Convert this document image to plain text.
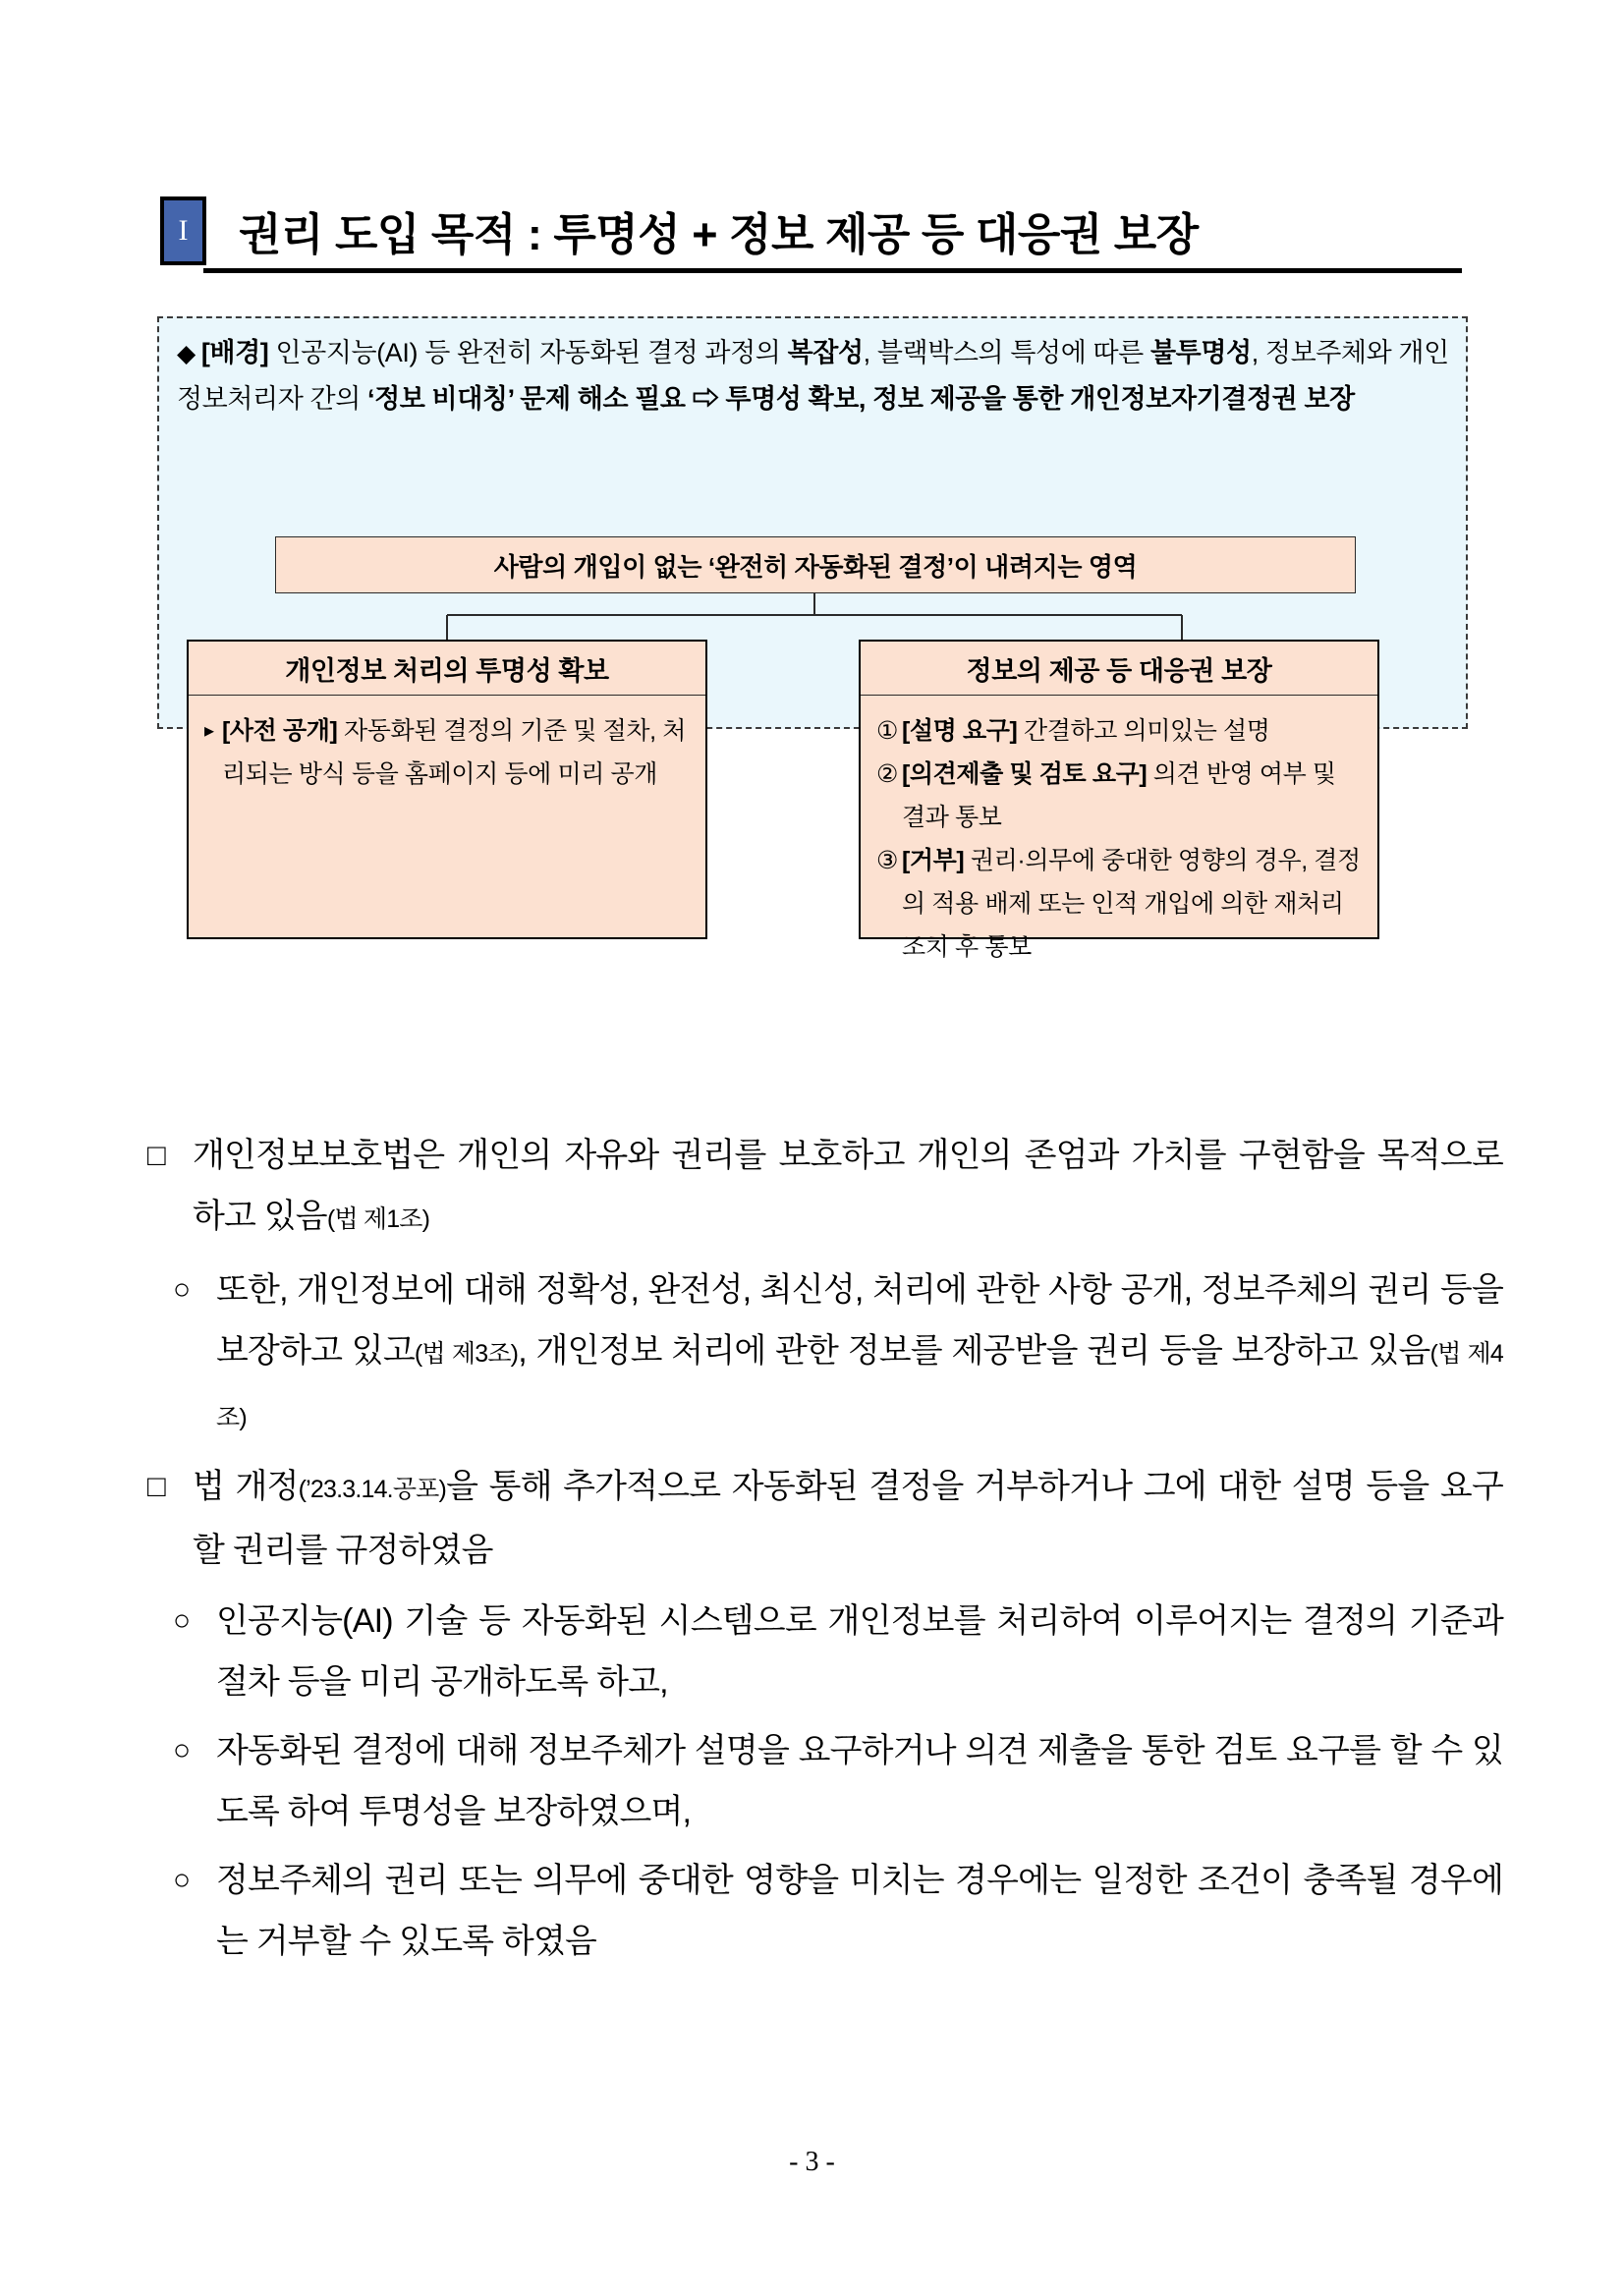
I	권리 도입 목적 : 투명성 + 정보 제공 등 대응권 보장
◆ [배경] 인공지능(AI) 등 완전히 자동화된 결정 과정의 복잡성, 블랙박스의 특성에 따른 불투명성, 정보주체와 개인정보처리자 간의 ‘정보 비대칭’ 문제 해소 필요 ⇨ 투명성 확보, 정보 제공을 통한 개인정보자기결정권 보장
사람의 개입이 없는 ‘완전히 자동화된 결정’이 내려지는 영역
개인정보 처리의 투명성 확보
▸ [사전 공개] 자동화된 결정의 기준 및 절차, 처리되는 방식 등을 홈페이지 등에 미리 공개
정보의 제공 등 대응권 보장
① [설명 요구] 간결하고 의미있는 설명
② [의견제출 및 검토 요구] 의견 반영 여부 및 결과 통보
③ [거부] 권리·의무에 중대한 영향의 경우, 결정의 적용 배제 또는 인적 개입에 의한 재처리 조치 후 통보
□ 개인정보보호법은 개인의 자유와 권리를 보호하고 개인의 존엄과 가치를 구현함을 목적으로 하고 있음(법 제1조)

○ 또한, 개인정보에 대해 정확성, 완전성, 최신성, 처리에 관한 사항 공개, 정보주체의 권리 등을 보장하고 있고(법 제3조), 개인정보 처리에 관한 정보를 제공받을 권리 등을 보장하고 있음(법 제4조)

□ 법 개정(’23.3.14.공포)을 통해 추가적으로 자동화된 결정을 거부하거나 그에 대한 설명 등을 요구할 권리를 규정하였음

○ 인공지능(AI) 기술 등 자동화된 시스템으로 개인정보를 처리하여 이루어지는 결정의 기준과 절차 등을 미리 공개하도록 하고,

○ 자동화된 결정에 대해 정보주체가 설명을 요구하거나 의견 제출을 통한 검토 요구를 할 수 있도록 하여 투명성을 보장하였으며,

○ 정보주체의 권리 또는 의무에 중대한 영향을 미치는 경우에는 일정한 조건이 충족될 경우에는 거부할 수 있도록 하였음

- 3 -
